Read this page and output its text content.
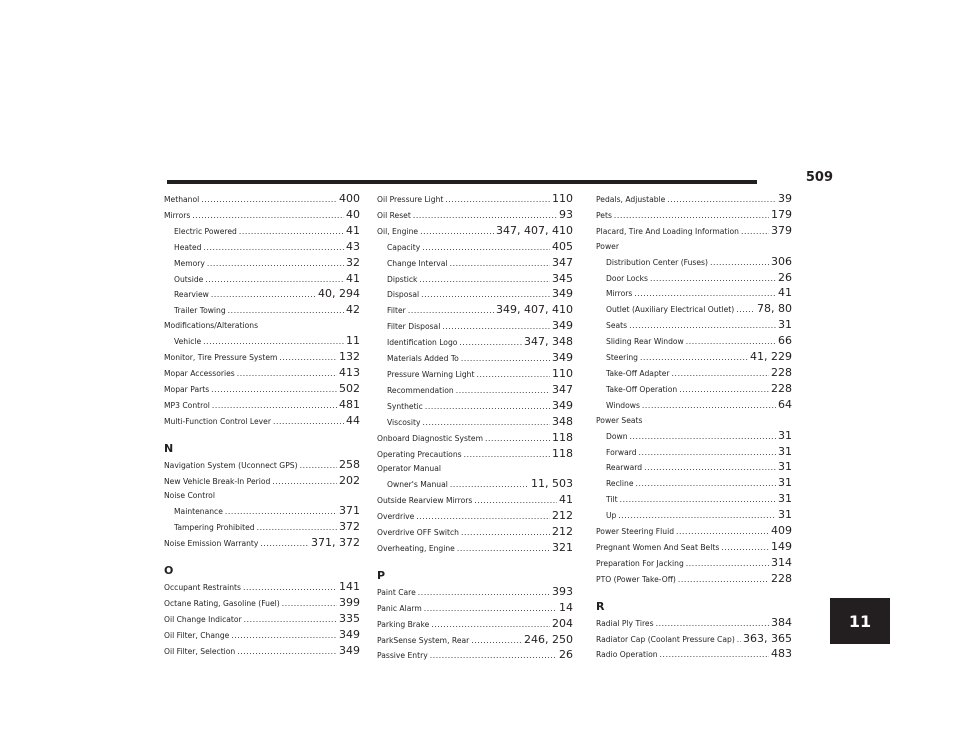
509
Methanol .....	400
Mirrors .....	40
Electric Powered .....	41
Heated .....	43
Memory .....	32
Outside .....	41
Rearview .....	40, 294
Trailer Towing .....	42
Modifications/Alterations
Vehicle .....	11
Monitor, Tire Pressure System .....	132
Mopar Accessories .....	413
Mopar Parts .....	502
MP3 Control .....	481
Multi-Function Control Lever .....	44
N
Navigation System (Uconnect GPS) .....	258
New Vehicle Break-In Period .....	202
Noise Control
Maintenance .....	371
Tampering Prohibited .....	372
Noise Emission Warranty .....	371, 372
O
Occupant Restraints .....	141
Octane Rating, Gasoline (Fuel) .....	399
Oil Change Indicator .....	335
Oil Filter, Change .....	349
Oil Filter, Selection .....	349
Oil Pressure Light .....	110
Oil Reset .....	93
Oil, Engine .....	347, 407, 410
Capacity .....	405
Change Interval .....	347
Dipstick .....	345
Disposal .....	349
Filter .....	349, 407, 410
Filter Disposal .....	349
Identification Logo .....	347, 348
Materials Added To .....	349
Pressure Warning Light .....	110
Recommendation .....	347
Synthetic .....	349
Viscosity .....	348
Onboard Diagnostic System .....	118
Operating Precautions .....	118
Operator Manual
Owner's Manual .....	11, 503
Outside Rearview Mirrors .....	41
Overdrive .....	212
Overdrive OFF Switch .....	212
Overheating, Engine .....	321
P
Paint Care .....	393
Panic Alarm .....	14
Parking Brake .....	204
ParkSense System, Rear .....	246, 250
Passive Entry .....	26
Pedals, Adjustable .....	39
Pets .....	179
Placard, Tire And Loading Information .....	379
Power
Distribution Center (Fuses) .....	306
Door Locks .....	26
Mirrors .....	41
Outlet (Auxiliary Electrical Outlet) ..... 78, 80
Seats .....	31
Sliding Rear Window .....	66
Steering .....	41, 229
Take-Off Adapter .....	228
Take-Off Operation .....	228
Windows .....	64
Power Seats
Down .....	31
Forward .....	31
Rearward .....	31
Recline .....	31
Tilt .....	31
Up .....	31
Power Steering Fluid .....	409
Pregnant Women And Seat Belts .....	149
Preparation For Jacking .....	314
PTO (Power Take-Off) .....	228
R
Radial Ply Tires .....	384
Radiator Cap (Coolant Pressure Cap) ..... 363, 365
Radio Operation .....	483
11
